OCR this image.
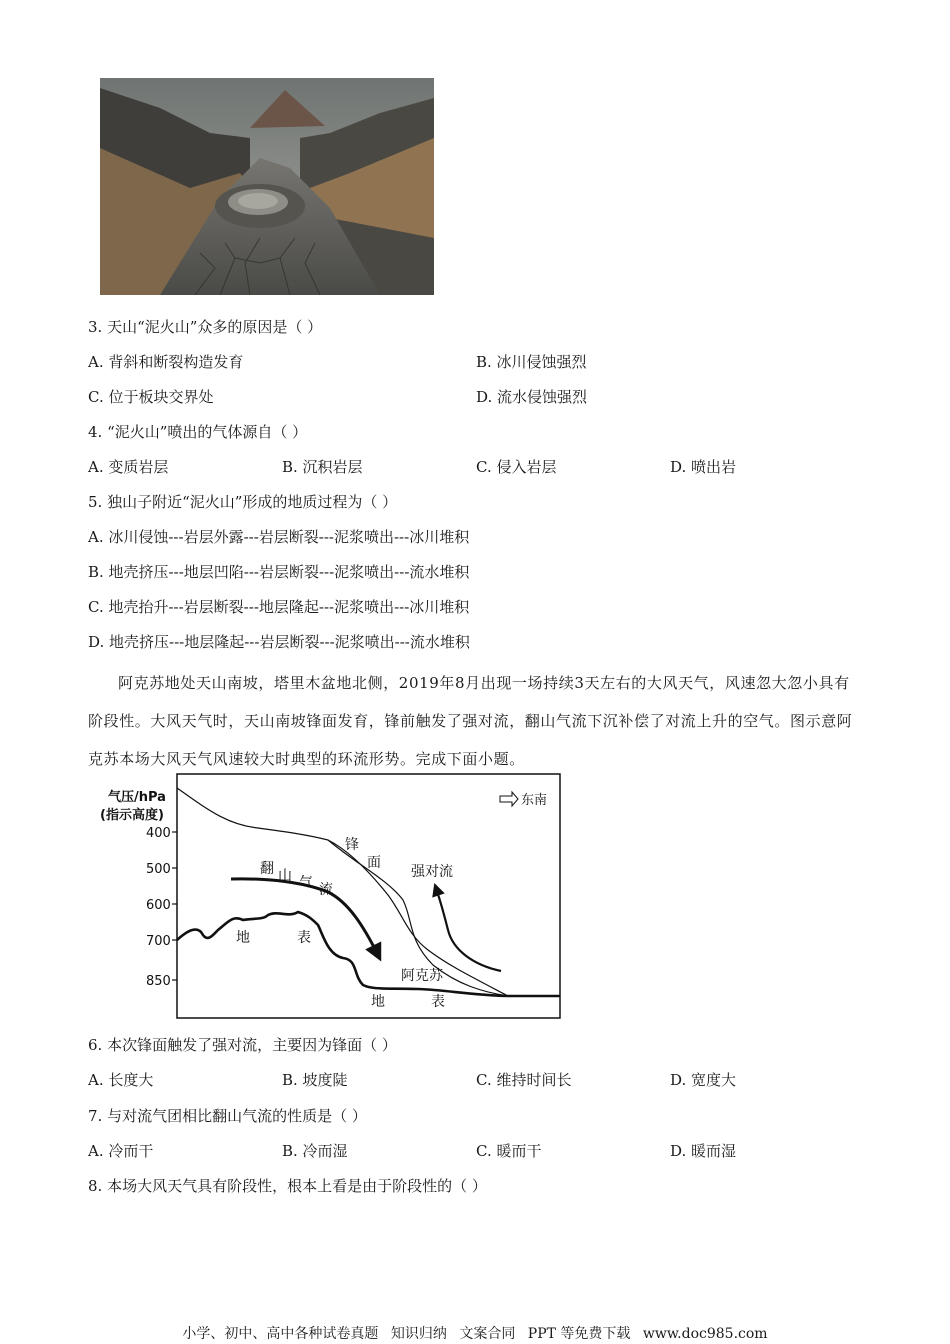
3. 天山“泥火山”众多的原因是（ ）
A. 背斜和断裂构造发育	B. 冰川侵蚀强烈
C. 位于板块交界处	D. 流水侵蚀强烈
4. “泥火山”喷出的气体源自（ ）
A. 变质岩层	B. 沉积岩层	C. 侵入岩层	D. 喷出岩
5. 独山子附近“泥火山”形成的地质过程为（ ）
A. 冰川侵蚀---岩层外露---岩层断裂---泥浆喷出---冰川堆积
B. 地壳挤压---地层凹陷---岩层断裂---泥浆喷出---流水堆积
C. 地壳抬升---岩层断裂---地层隆起---泥浆喷出---冰川堆积
D. 地壳挤压---地层隆起---岩层断裂---泥浆喷出---流水堆积
阿克苏地处天山南坡，塔里木盆地北侧，2019年8月出现一场持续3天左右的大风天气，风速忽大忽小具有阶段性。大风天气时，天山南坡锋面发育，锋前触发了强对流，翻山气流下沉补偿了对流上升的空气。图示意阿克苏本场大风天气风速较大时典型的环流形势。完成下面小题。
气压/hPa
(指示高度)
400
500
600
700
850
东南
锋
面
强对流
翻 山 气 流
地	表
阿克苏
地	表
6. 本次锋面触发了强对流，主要因为锋面（ ）
A. 长度大	B. 坡度陡	C. 维持时间长	D. 宽度大
7. 与对流气团相比翻山气流的性质是（ ）
A. 冷而干	B. 冷而湿	C. 暖而干	D. 暖而湿
8. 本场大风天气具有阶段性，根本上看是由于阶段性的（ ）
小学、初中、高中各种试卷真题 知识归纳 文案合同 PPT 等免费下载 www.doc985.com
